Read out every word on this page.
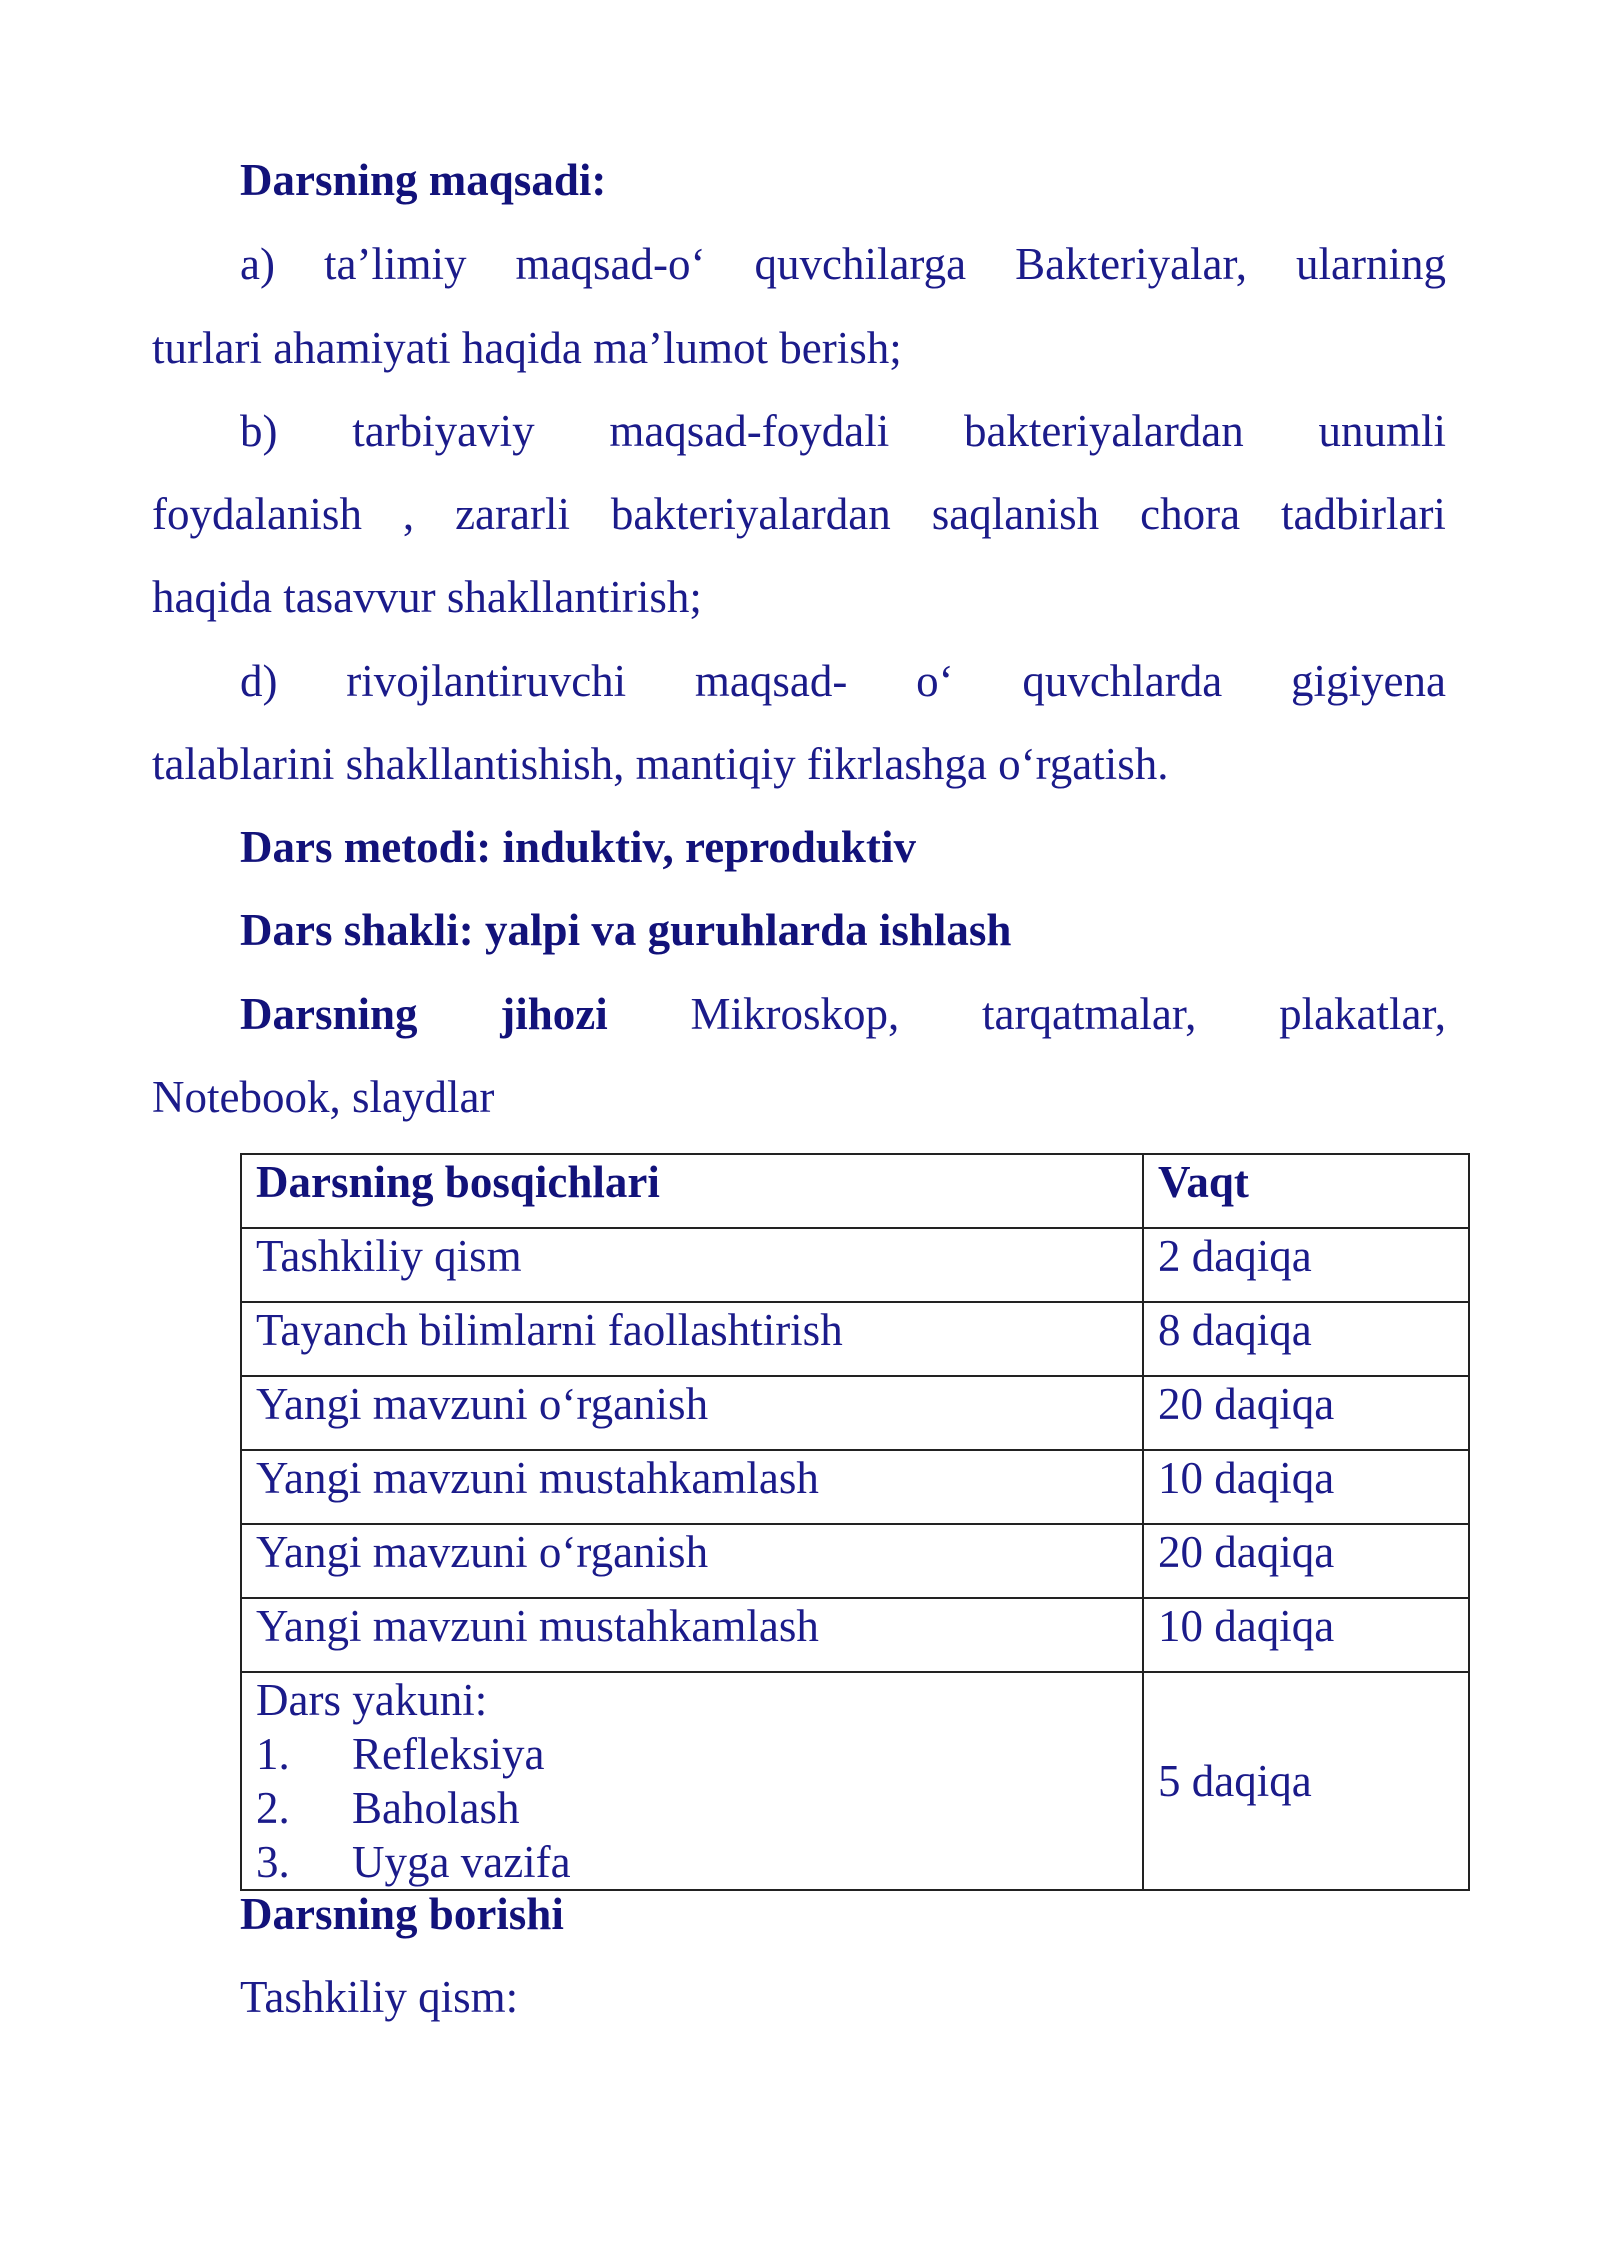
Darsning maqsadi:
a) ta’limiy maqsad-o‘ quvchilarga Bakteriyalar, ularning
turlari ahamiyati haqida ma’lumot berish;
b) tarbiyaviy maqsad-foydali bakteriyalardan unumli
foydalanish , zararli bakteriyalardan saqlanish chora tadbirlari
haqida tasavvur shakllantirish;
d) rivojlantiruvchi maqsad- o‘ quvchlarda gigiyena
talablarini shakllantishish, mantiqiy fikrlashga o‘rgatish.
Dars metodi: induktiv, reproduktiv
Dars shakli: yalpi va guruhlarda ishlash
Darsning jihozi Mikroskop, tarqatmalar, plakatlar,
Notebook, slaydlar
Darsning bosqichlari	Vaqt
Tashkiliy qism	2 daqiqa
Tayanch bilimlarni faollashtirish	8 daqiqa
Yangi mavzuni o‘rganish	20 daqiqa
Yangi mavzuni mustahkamlash	10 daqiqa
Yangi mavzuni o‘rganish	20 daqiqa
Yangi mavzuni mustahkamlash	10 daqiqa

Dars yakuni:
1. Refleksiya
2. Baholash
3. Uyga vazifa	5 daqiqa
Darsning borishi
Tashkiliy qism:
